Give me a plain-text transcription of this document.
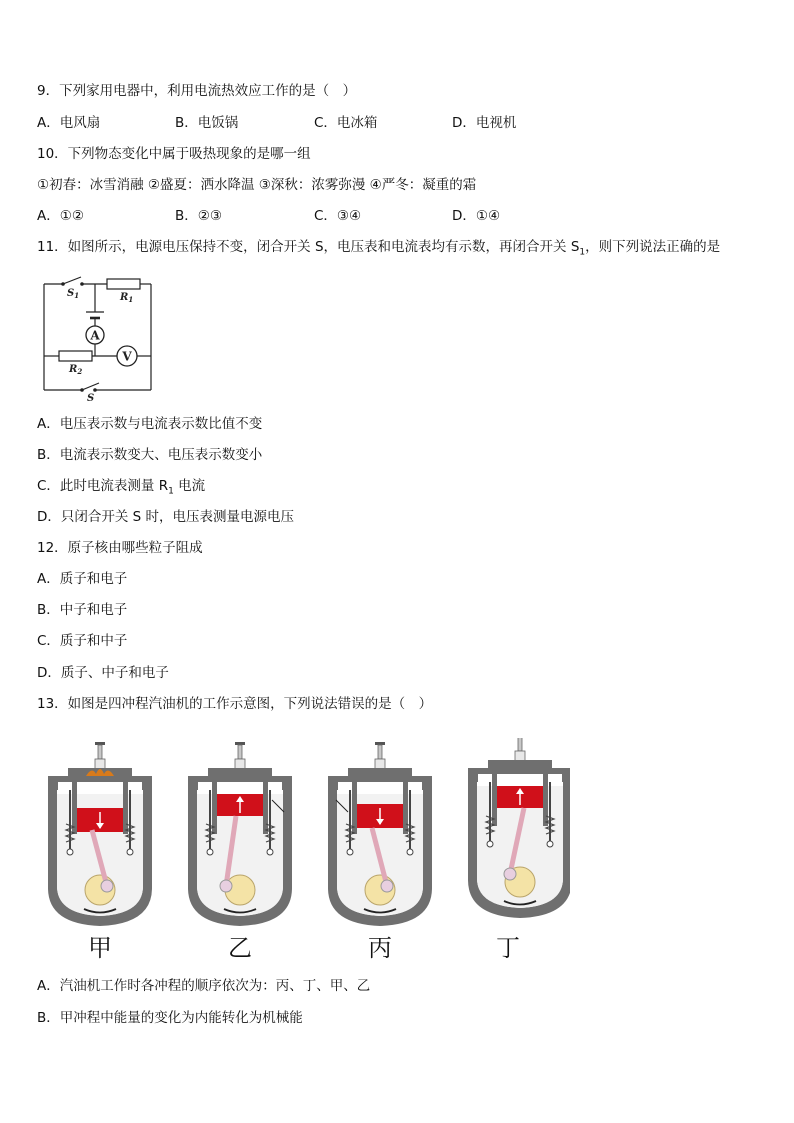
9．下列家用电器中，利用电流热效应工作的是（　）
A．电风扇	B．电饭锅	C．电冰箱	D．电视机
10．下列物态变化中属于吸热现象的是哪一组
①初春：冰雪消融 ②盛夏：洒水降温 ③深秋：浓雾弥漫 ④严冬：凝重的霜
A．①②	B．②③	C．③④	D．①④
11．如图所示，电源电压保持不变，闭合开关 S，电压表和电流表均有示数，再闭合开关 $S_1$，则下列说法正确的是
A
V
$S_1$	$R_1$
$R_2$
S
A．电压表示数与电流表示数比值不变
B．电流表示数变大、电压表示数变小
C．此时电流表测量 $R_1$ 电流
D．只闭合开关 S 时，电压表测量电源电压
12．原子核由哪些粒子阻成
A．质子和电子
B．中子和电子
C．质子和中子
D．质子、中子和电子
13．如图是四冲程汽油机的工作示意图，下列说法错误的是（　）
甲	乙	丙	丁
A．汽油机工作时各冲程的顺序依次为：丙、丁、甲、乙
B．甲冲程中能量的变化为内能转化为机械能
